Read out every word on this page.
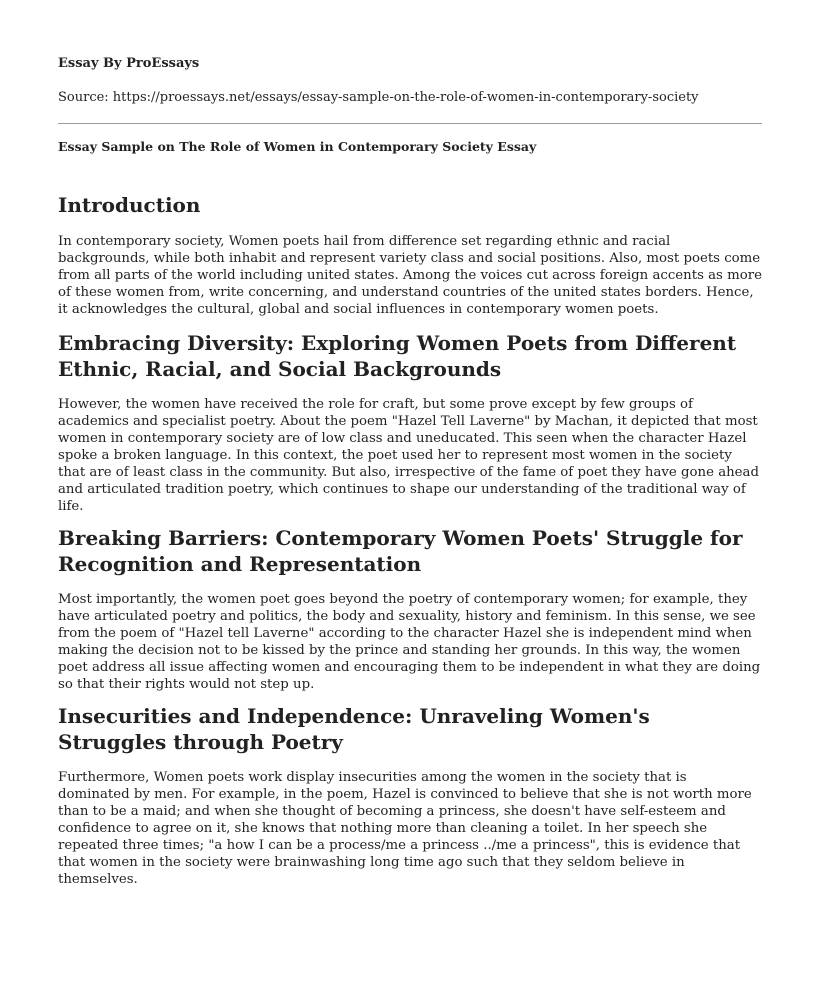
Essay By ProEssays

Source: https://proessays.net/essays/essay-sample-on-the-role-of-women-in-contemporary-society

Essay Sample on The Role of Women in Contemporary Society Essay

Introduction

In contemporary society, Women poets hail from difference set regarding ethnic and racial backgrounds, while both inhabit and represent variety class and social positions. Also, most poets come from all parts of the world including united states. Among the voices cut across foreign accents as more of these women from, write concerning, and understand countries of the united states borders. Hence, it acknowledges the cultural, global and social influences in contemporary women poets.

Embracing Diversity: Exploring Women Poets from Different Ethnic, Racial, and Social Backgrounds

However, the women have received the role for craft, but some prove except by few groups of academics and specialist poetry. About the poem "Hazel Tell Laverne" by Machan, it depicted that most women in contemporary society are of low class and uneducated. This seen when the character Hazel spoke a broken language. In this context, the poet used her to represent most women in the society that are of least class in the community. But also, irrespective of the fame of poet they have gone ahead and articulated tradition poetry, which continues to shape our understanding of the traditional way of life.

Breaking Barriers: Contemporary Women Poets' Struggle for Recognition and Representation

Most importantly, the women poet goes beyond the poetry of contemporary women; for example, they have articulated poetry and politics, the body and sexuality, history and feminism. In this sense, we see from the poem of "Hazel tell Laverne" according to the character Hazel she is independent mind when making the decision not to be kissed by the prince and standing her grounds. In this way, the women poet address all issue affecting women and encouraging them to be independent in what they are doing so that their rights would not step up.

Insecurities and Independence: Unraveling Women's Struggles through Poetry

Furthermore, Women poets work display insecurities among the women in the society that is dominated by men. For example, in the poem, Hazel is convinced to believe that she is not worth more than to be a maid; and when she thought of becoming a princess, she doesn't have self-esteem and confidence to agree on it, she knows that nothing more than cleaning a toilet. In her speech she repeated three times; "a how I can be a process/me a princess ../me a princess", this is evidence that that women in the society were brainwashing long time ago such that they seldom believe in themselves.
